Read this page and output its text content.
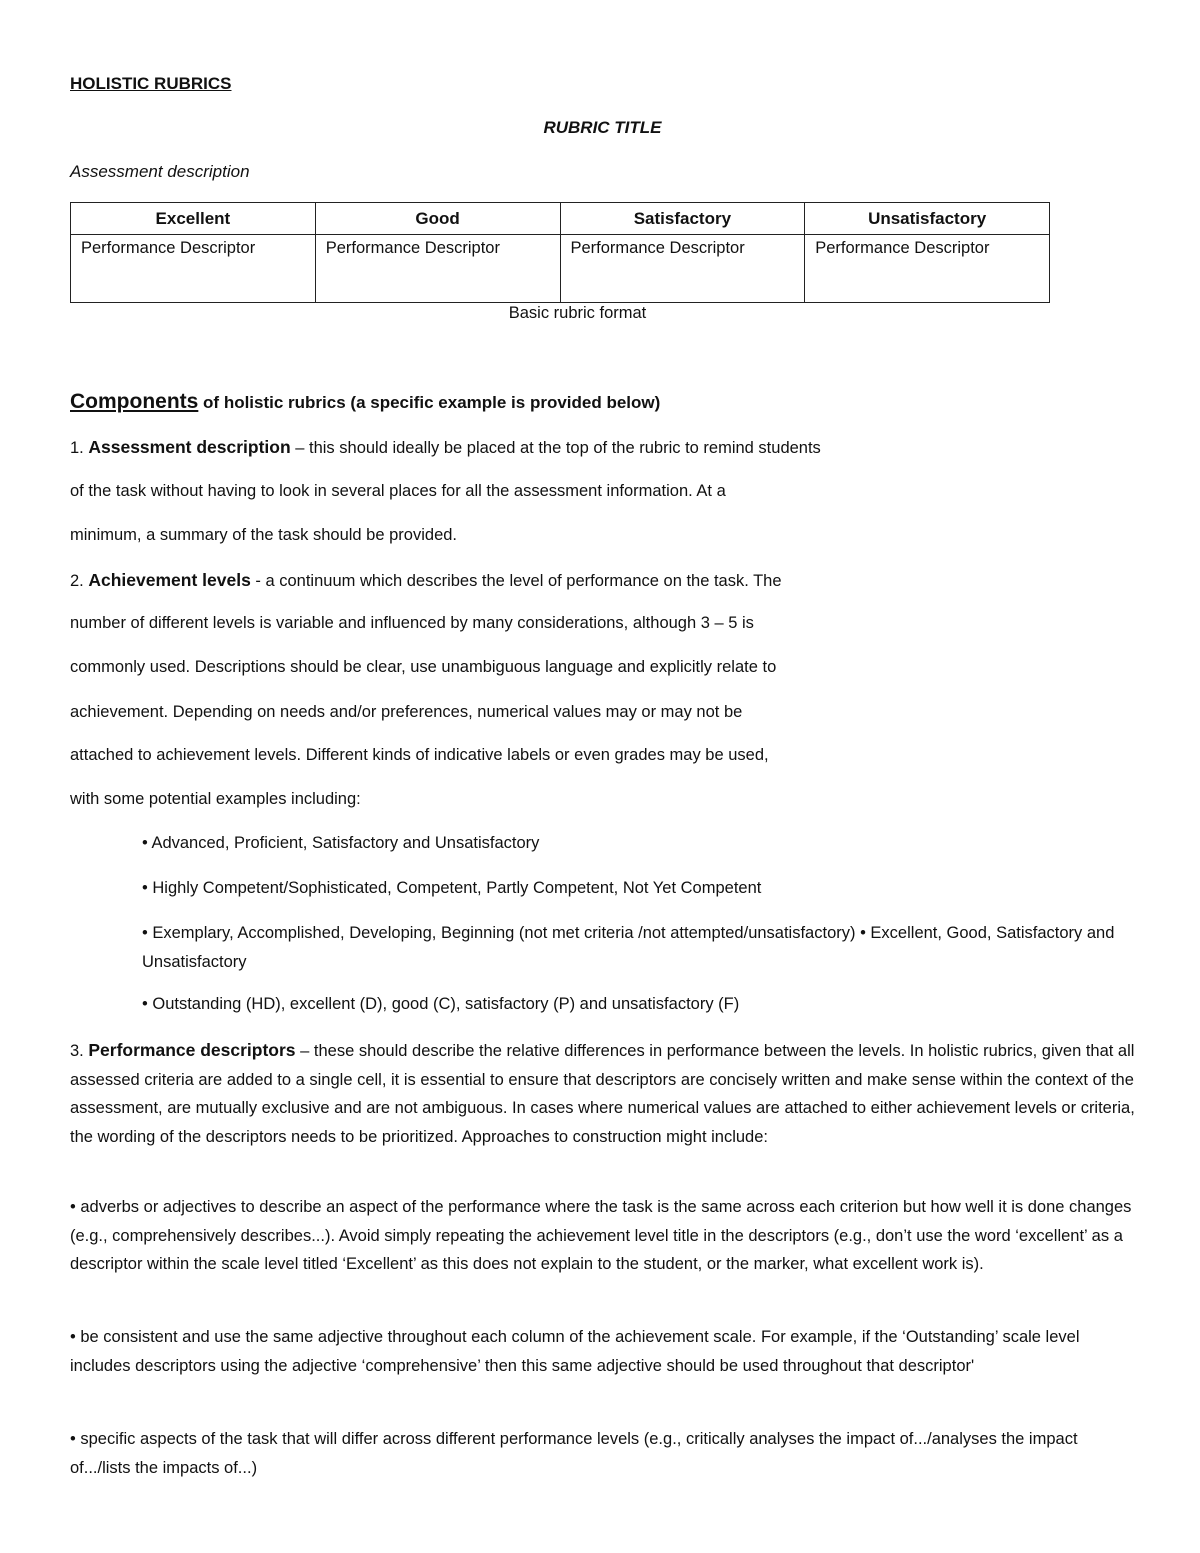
HOLISTIC RUBRICS
RUBRIC TITLE
Assessment description
Excellent	Good	Satisfactory	Unsatisfactory
Performance Descriptor	Performance Descriptor	Performance Descriptor	Performance Descriptor
Basic rubric format
Components of holistic rubrics (a specific example is provided below)
1. Assessment description – this should ideally be placed at the top of the rubric to remind students
of the task without having to look in several places for all the assessment information. At a
minimum, a summary of the task should be provided.
2. Achievement levels - a continuum which describes the level of performance on the task. The
number of different levels is variable and influenced by many considerations, although 3 – 5 is
commonly used. Descriptions should be clear, use unambiguous language and explicitly relate to
achievement. Depending on needs and/or preferences, numerical values may or may not be
attached to achievement levels. Different kinds of indicative labels or even grades may be used,
with some potential examples including:
• Advanced, Proficient, Satisfactory and Unsatisfactory
• Highly Competent/Sophisticated, Competent, Partly Competent, Not Yet Competent
• Exemplary, Accomplished, Developing, Beginning (not met criteria /not attempted/unsatisfactory) • Excellent, Good, Satisfactory and Unsatisfactory
• Outstanding (HD), excellent (D), good (C), satisfactory (P) and unsatisfactory (F)
3. Performance descriptors – these should describe the relative differences in performance between the levels. In holistic rubrics, given that all assessed criteria are added to a single cell, it is essential to ensure that descriptors are concisely written and make sense within the context of the assessment, are mutually exclusive and are not ambiguous. In cases where numerical values are attached to either achievement levels or criteria, the wording of the descriptors needs to be prioritized. Approaches to construction might include:
• adverbs or adjectives to describe an aspect of the performance where the task is the same across each criterion but how well it is done changes (e.g., comprehensively describes...). Avoid simply repeating the achievement level title in the descriptors (e.g., don’t use the word ‘excellent’ as a descriptor within the scale level titled ‘Excellent’ as this does not explain to the student, or the marker, what excellent work is).
• be consistent and use the same adjective throughout each column of the achievement scale. For example, if the ‘Outstanding’ scale level includes descriptors using the adjective ‘comprehensive’ then this same adjective should be used throughout that descriptor'
• specific aspects of the task that will differ across different performance levels (e.g., critically analyses the impact of.../analyses the impact of.../lists the impacts of...)
